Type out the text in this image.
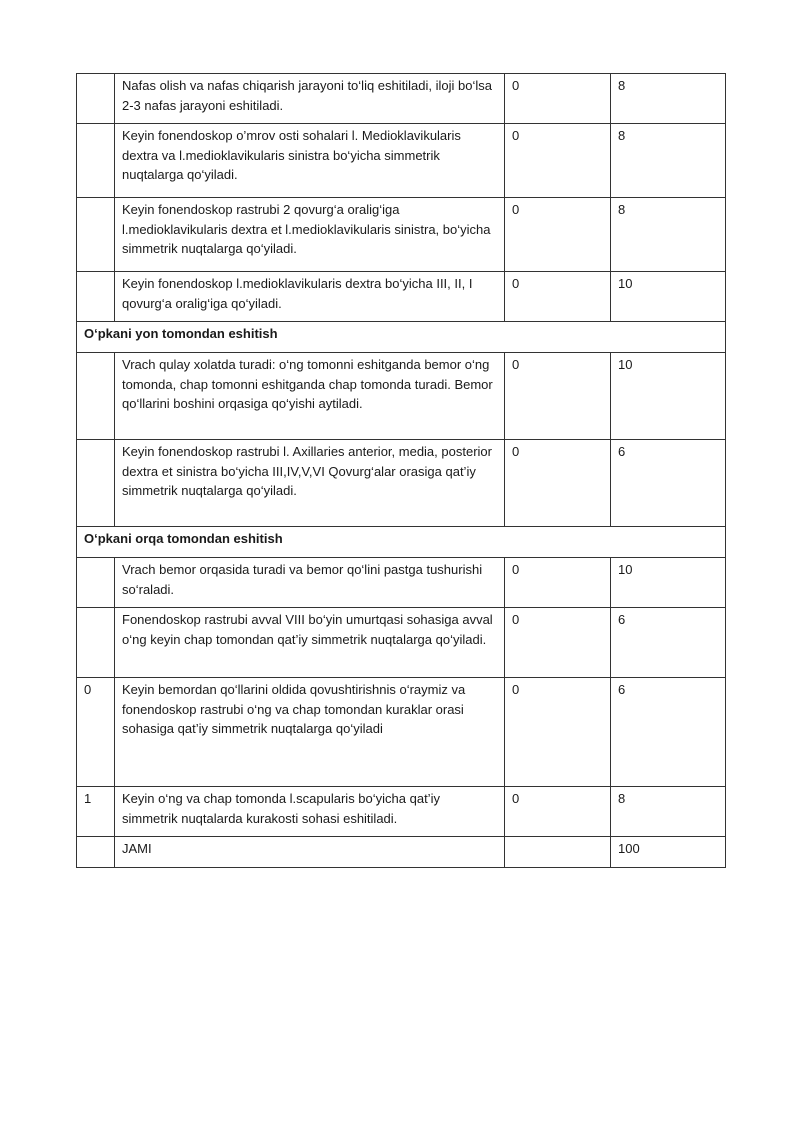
	Nafas olish va nafas chiqarish jarayoni to‘liq eshitiladi, iloji bo‘lsa 2-3 nafas jarayoni eshitiladi.	0	8
	Keyin fonendoskop o’mrov osti sohalari l. Medioklavikularis dextra va l.medioklavikularis sinistra bo‘yicha simmetrik nuqtalarga qo‘yiladi.	0	8
	Keyin fonendoskop rastrubi 2 qovurg‘a oralig‘iga l.medioklavikularis dextra et l.medioklavikularis sinistra, bo‘yicha simmetrik nuqtalarga qo‘yiladi.	0	8
	Keyin fonendoskop l.medioklavikularis dextra bo‘yicha III, II, I qovurg‘a oralig‘iga qo‘yiladi.	0	10
O‘pkani yon tomondan eshitish			
	Vrach qulay xolatda turadi: o‘ng tomonni eshitganda bemor o‘ng tomonda, chap tomonni eshitganda chap tomonda turadi. Bemor qo‘llarini boshini orqasiga qo‘yishi aytiladi.	0	10
	Keyin fonendoskop rastrubi l. Axillaries anterior, media, posterior dextra et sinistra bo‘yicha III,IV,V,VI Qovurg‘alar orasiga qat’iy simmetrik nuqtalarga qo‘yiladi.	0	6
O‘pkani orqa tomondan eshitish			
	Vrach bemor orqasida turadi va bemor qo‘lini pastga tushurishi so‘raladi.	0	10
	Fonendoskop rastrubi avval VIII bo‘yin umurtqasi sohasiga avval o‘ng keyin chap tomondan qat’iy simmetrik nuqtalarga qo‘yiladi.	0	6
0	Keyin bemordan qo‘llarini oldida qovushtirishnis o‘raymiz va fonendoskop rastrubi o‘ng va chap tomondan kuraklar orasi sohasiga qat’iy simmetrik nuqtalarga qo‘yiladi	0	6
1	Keyin o‘ng va chap tomonda l.scapularis bo‘yicha qat’iy simmetrik nuqtalarda kurakosti sohasi eshitiladi.	0	8
	JAMI		100
